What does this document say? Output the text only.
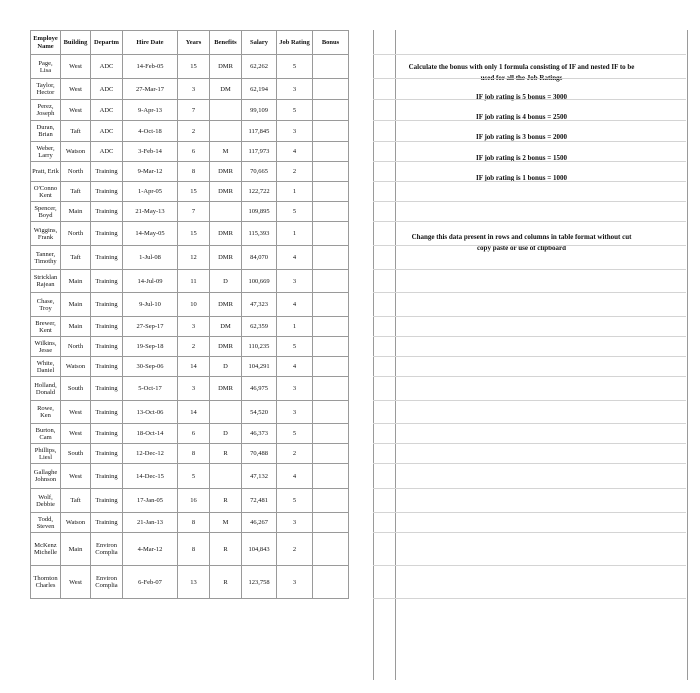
Employe Name	Building	Departm	Hire Date	Years	Benefits	Salary	Job Rating	Bonus
Page, Lisa	West	ADC	14-Feb-05	15	DMR	62,262	5	
Taylor, Hector	West	ADC	27-Mar-17	3	DM	62,194	3	
Perez, Joseph	West	ADC	9-Apr-13	7		99,109	5	
Duran, Brian	Taft	ADC	4-Oct-18	2		117,845	3	
Weber, Larry	Watson	ADC	3-Feb-14	6	M	117,973	4	
Pratt, Erik	North	Training	9-Mar-12	8	DMR	70,665	2	
O'Conno Kent	Taft	Training	1-Apr-05	15	DMR	122,722	1	
Spencer, Boyd	Main	Training	21-May-13	7		109,895	5	
Wiggins, Frank	North	Training	14-May-05	15	DMR	115,393	1	
Tanner, Timothy	Taft	Training	1-Jul-08	12	DMR	84,070	4	
Stricklan Rajean	Main	Training	14-Jul-09	11	D	100,669	3	
Chase, Troy	Main	Training	9-Jul-10	10	DMR	47,323	4	
Brewer, Kent	Main	Training	27-Sep-17	3	DM	62,359	1	
Wilkins, Jesse	North	Training	19-Sep-18	2	DMR	110,235	5	
White, Daniel	Watson	Training	30-Sep-06	14	D	104,291	4	
Holland, Donald	South	Training	5-Oct-17	3	DMR	46,975	3	
Rowe, Ken	West	Training	13-Oct-06	14		54,520	3	
Burton, Cam	West	Training	18-Oct-14	6	D	46,373	5	
Phillips, Liesl	South	Training	12-Dec-12	8	R	70,488	2	
Gallaghe Johnson	West	Training	14-Dec-15	5		47,132	4	
Wolf, Debbie	Taft	Training	17-Jan-05	16	R	72,481	5	
Todd, Steven	Watson	Training	21-Jan-13	8	M	46,267	3	
McKenz Michelle	Main	Environ Complia	4-Mar-12	8	R	104,843	2	
Thornton Charles	West	Environ Complia	6-Feb-07	13	R	123,758	3	
Calculate the bonus with only 1 formula consisting of IF and nested IF to be used for all the Job Ratings
IF job rating is 5 bonus = 3000
IF job rating is 4 bonus = 2500
IF job rating is 3 bonus = 2000
IF job rating is 2 bonus = 1500
IF job rating is 1 bonus = 1000
Change this data present in rows and columns in table format without cut copy paste or use of clipboard
